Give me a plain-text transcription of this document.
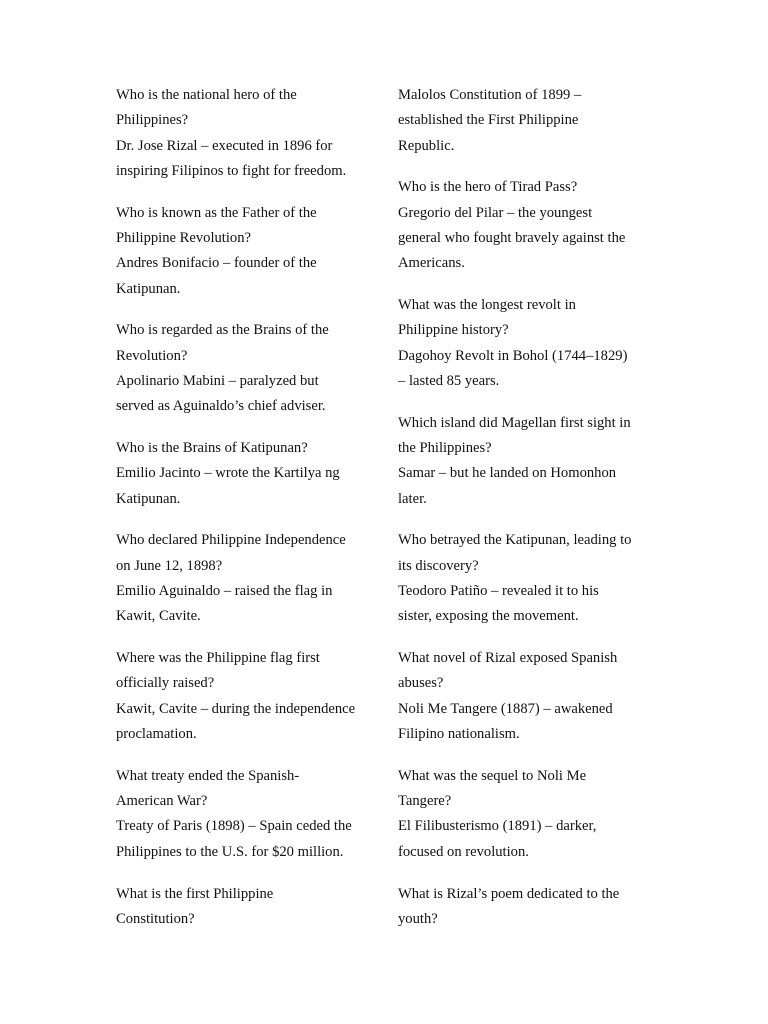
Who is the national hero of the

Philippines?

Dr. Jose Rizal – executed in 1896 for

inspiring Filipinos to fight for freedom.

Who is known as the Father of the

Philippine Revolution?

Andres Bonifacio – founder of the

Katipunan.

Who is regarded as the Brains of the

Revolution?

Apolinario Mabini – paralyzed but

served as Aguinaldo’s chief adviser.

Who is the Brains of Katipunan?

Emilio Jacinto – wrote the Kartilya ng

Katipunan.

Who declared Philippine Independence

on June 12, 1898?

Emilio Aguinaldo – raised the flag in

Kawit, Cavite.

Where was the Philippine flag first

officially raised?

Kawit, Cavite – during the independence

proclamation.

What treaty ended the Spanish-

American War?

Treaty of Paris (1898) – Spain ceded the

Philippines to the U.S. for $20 million.

What is the first Philippine

Constitution?

Malolos Constitution of 1899 –

established the First Philippine

Republic.

Who is the hero of Tirad Pass?

Gregorio del Pilar – the youngest

general who fought bravely against the

Americans.

What was the longest revolt in

Philippine history?

Dagohoy Revolt in Bohol (1744–1829)

– lasted 85 years.

Which island did Magellan first sight in

the Philippines?

Samar – but he landed on Homonhon

later.

Who betrayed the Katipunan, leading to

its discovery?

Teodoro Patiño – revealed it to his

sister, exposing the movement.

What novel of Rizal exposed Spanish

abuses?

Noli Me Tangere (1887) – awakened

Filipino nationalism.

What was the sequel to Noli Me

Tangere?

El Filibusterismo (1891) – darker,

focused on revolution.

What is Rizal’s poem dedicated to the

youth?
